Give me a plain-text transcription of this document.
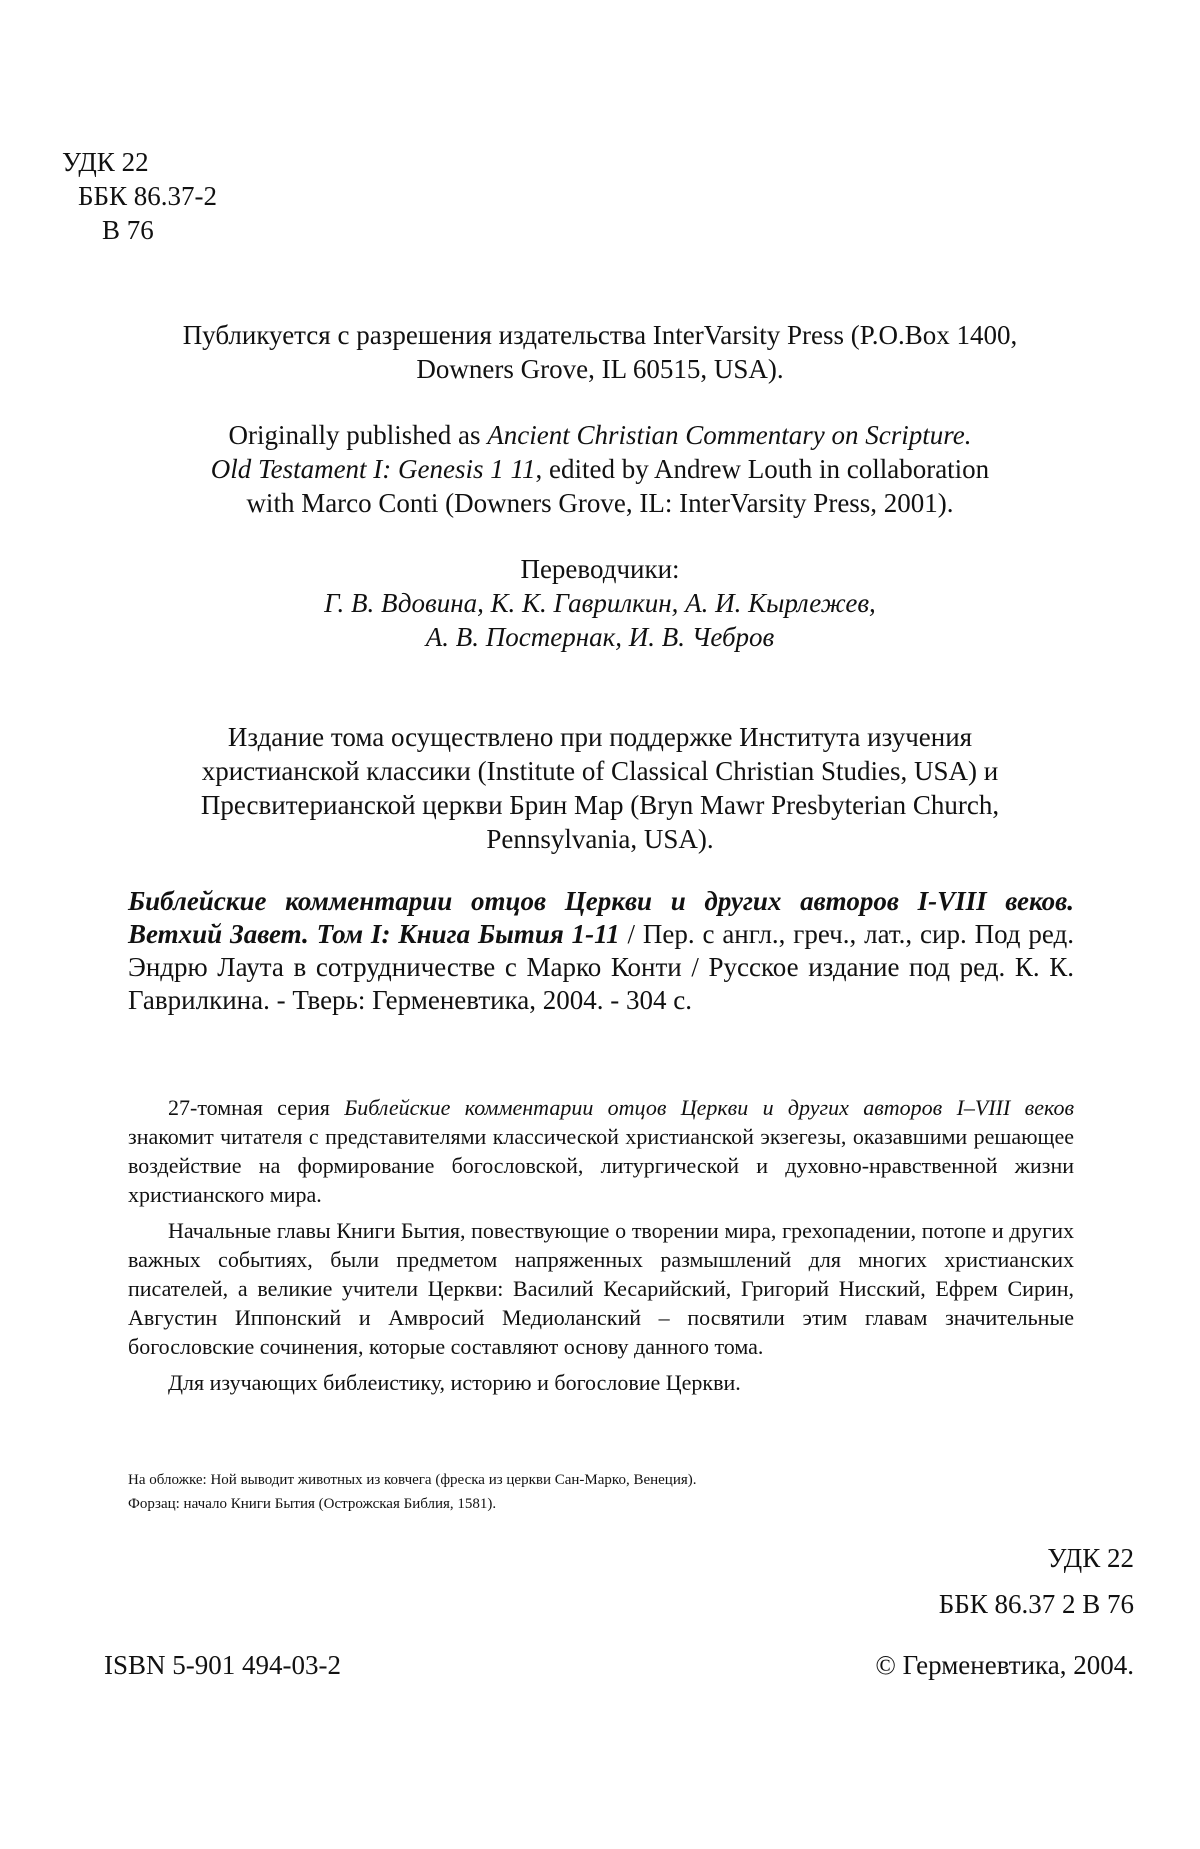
УДК 22
ББК 86.37-2
В 76
Публикуется с разрешения издательства InterVarsity Press (P.O.Box 1400,
Downers Grove, IL 60515, USA).
Originally published as Ancient Christian Commentary on Scripture.
Old Testament I: Genesis 1 11, edited by Andrew Louth in collaboration
with Marco Conti (Downers Grove, IL: InterVarsity Press, 2001).
Переводчики:
Г. В. Вдовина, К. К. Гаврилкин, А. И. Кырлежев,
А. В. Постернак, И. В. Чебров
Издание тома осуществлено при поддержке Института изучения
христианской классики (Institute of Classical Christian Studies, USA) и
Пресвитерианской церкви Брин Мар (Bryn Mawr Presbyterian Church,
Pennsylvania, USA).
Библейские комментарии отцов Церкви и других авторов I-VIII веков. Ветхий Завет. Том I: Книга Бытия 1-11 / Пер. с англ., греч., лат., сир. Под ред. Эндрю Лаута в сотрудничестве с Марко Конти / Русское издание под ред. К. К. Гаврилкина. - Тверь: Герменевтика, 2004. - 304 с.

27-томная серия Библейские комментарии отцов Церкви и других авторов I–VIII веков знакомит читателя с представителями классической христианской экзегезы, оказавшими решающее воздействие на формирование богословской, литургической и духовно-нравственной жизни христианского мира.

Начальные главы Книги Бытия, повествующие о творении мира, грехопадении, потопе и других важных событиях, были предметом напряженных размышлений для многих христианских писателей, а великие учители Церкви: Василий Кесарийский, Григорий Нисский, Ефрем Сирин, Августин Иппонский и Амвросий Медиоланский – посвятили этим главам значительные богословские сочинения, которые составляют основу данного тома.

Для изучающих библеистику, историю и богословие Церкви.

На обложке: Ной выводит животных из ковчега (фреска из церкви Сан-Марко, Венеция).
Форзац: начало Книги Бытия (Острожская Библия, 1581).
УДК 22
ББК 86.37 2 В 76
ISBN 5-901 494-03-2	© Герменевтика, 2004.
